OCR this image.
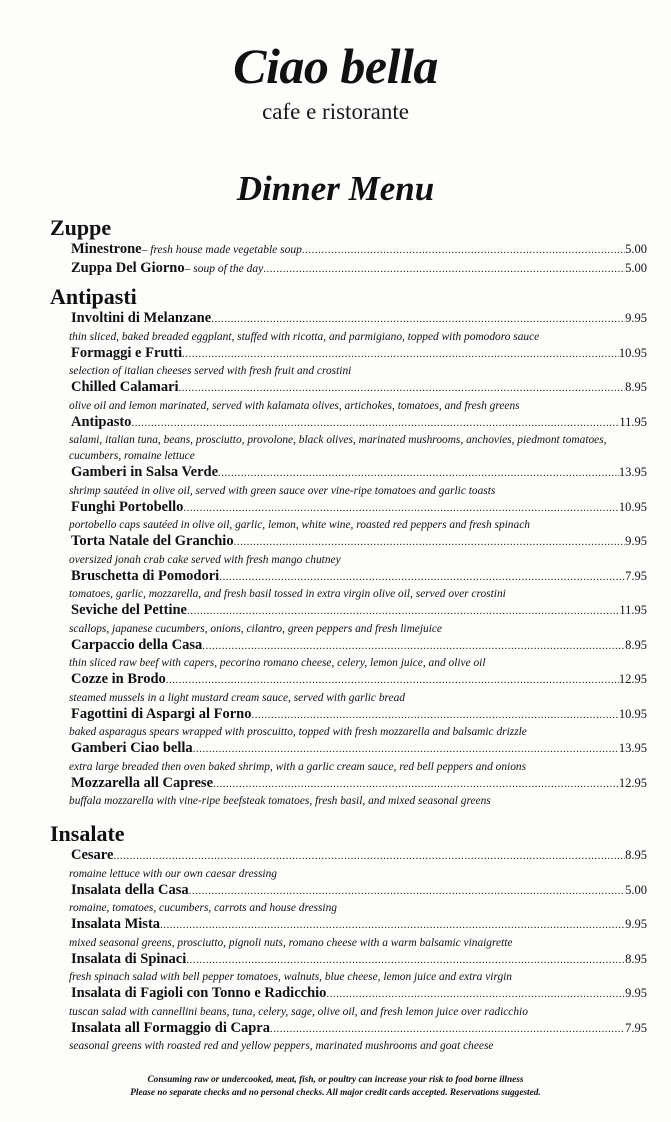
Ciao bella
cafe e ristorante
Dinner Menu
Zuppe
Minestrone – fresh house made vegetable soup .....	5.00
Zuppa Del Giorno – soup of the day .....	5.00
Antipasti
Involtini di Melanzane .....	9.95
thin sliced, baked breaded eggplant, stuffed with ricotta, and parmigiano, topped with pomodoro sauce
Formaggi e Frutti .....	10.95
selection of italian cheeses served with fresh fruit and crostini
Chilled Calamari .....	8.95
olive oil and lemon marinated, served with kalamata olives, artichokes, tomatoes, and fresh greens
Antipasto .....	11.95
salami, italian tuna, beans, prosciutto, provolone, black olives, marinated mushrooms, anchovies, piedmont tomatoes, cucumbers, romaine lettuce
Gamberi in Salsa Verde .....	13.95
shrimp sautéed in olive oil, served with green sauce over vine-ripe tomatoes and garlic toasts
Funghi Portobello .....	10.95
portobello caps sautéed in olive oil, garlic, lemon, white wine, roasted red peppers and fresh spinach
Torta Natale del Granchio .....	9.95
oversized jonah crab cake served with fresh mango chutney
Bruschetta di Pomodori .....	7.95
tomatoes, garlic, mozzarella, and fresh basil tossed in extra virgin olive oil, served over crostini
Seviche del Pettine .....	11.95
scallops, japanese cucumbers, onions, cilantro, green peppers and fresh limejuice
Carpaccio della Casa .....	8.95
thin sliced raw beef with capers, pecorino romano cheese, celery, lemon juice, and olive oil
Cozze in Brodo .....	12.95
steamed mussels in a light mustard cream sauce, served with garlic bread
Fagottini di Aspargi al Forno .....	10.95
baked asparagus spears wrapped with proscuitto, topped with fresh mozzarella and balsamic drizzle
Gamberi Ciao bella .....	13.95
extra large breaded then oven baked shrimp, with a garlic cream sauce, red bell peppers and onions
Mozzarella all Caprese .....	12.95
buffala mozzarella with vine-ripe beefsteak tomatoes, fresh basil, and mixed seasonal greens
Insalate
Cesare .....	8.95
romaine lettuce with our own caesar dressing
Insalata della Casa .....	5.00
romaine, tomatoes, cucumbers, carrots and house dressing
Insalata Mista .....	9.95
mixed seasonal greens, prosciutto, pignoli nuts, romano cheese with a warm balsamic vinaigrette
Insalata di Spinaci .....	8.95
fresh spinach salad with bell pepper tomatoes, walnuts, blue cheese, lemon juice and extra virgin
Insalata di Fagioli con Tonno e Radicchio .....	9.95
tuscan salad with cannellini beans, tuna, celery, sage, olive oil, and fresh lemon juice over radicchio
Insalata all Formaggio di Capra .....	7.95
seasonal greens with roasted red and yellow peppers, marinated mushrooms and goat cheese
Consuming raw or undercooked, meat, fish, or poultry can increase your risk to food borne illness
Please no separate checks and no personal checks. All major credit cards accepted. Reservations suggested.
